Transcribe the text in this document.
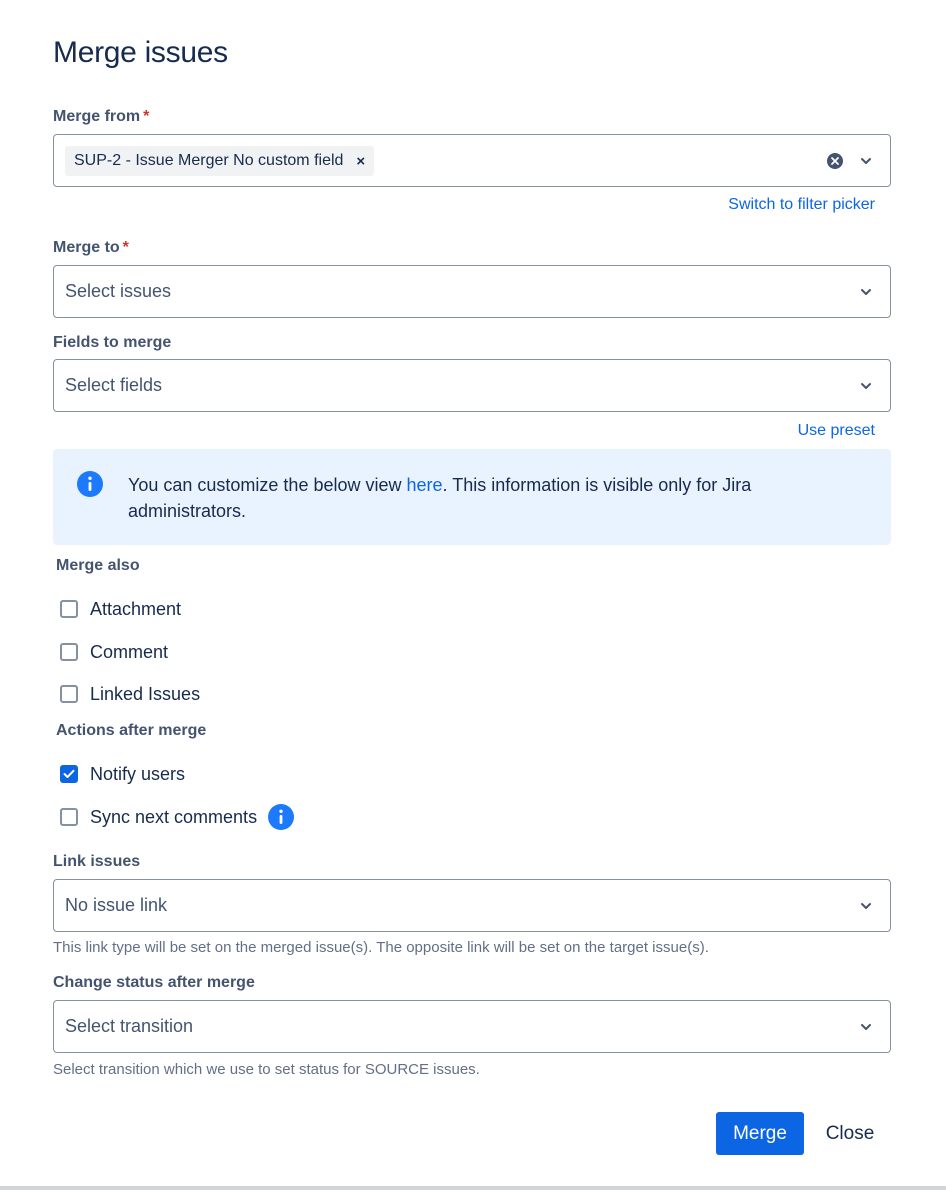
Merge issues
Merge from *
SUP-2 - Issue Merger No custom field ×
Switch to filter picker
Merge to *
Select issues
Fields to merge
Select fields
Use preset
You can customize the below view here. This information is visible only for Jira administrators.
Merge also
Attachment
Comment
Linked Issues
Actions after merge
Notify users
Sync next comments
Link issues
No issue link
This link type will be set on the merged issue(s). The opposite link will be set on the target issue(s).
Change status after merge
Select transition
Select transition which we use to set status for SOURCE issues.
Merge	Close
